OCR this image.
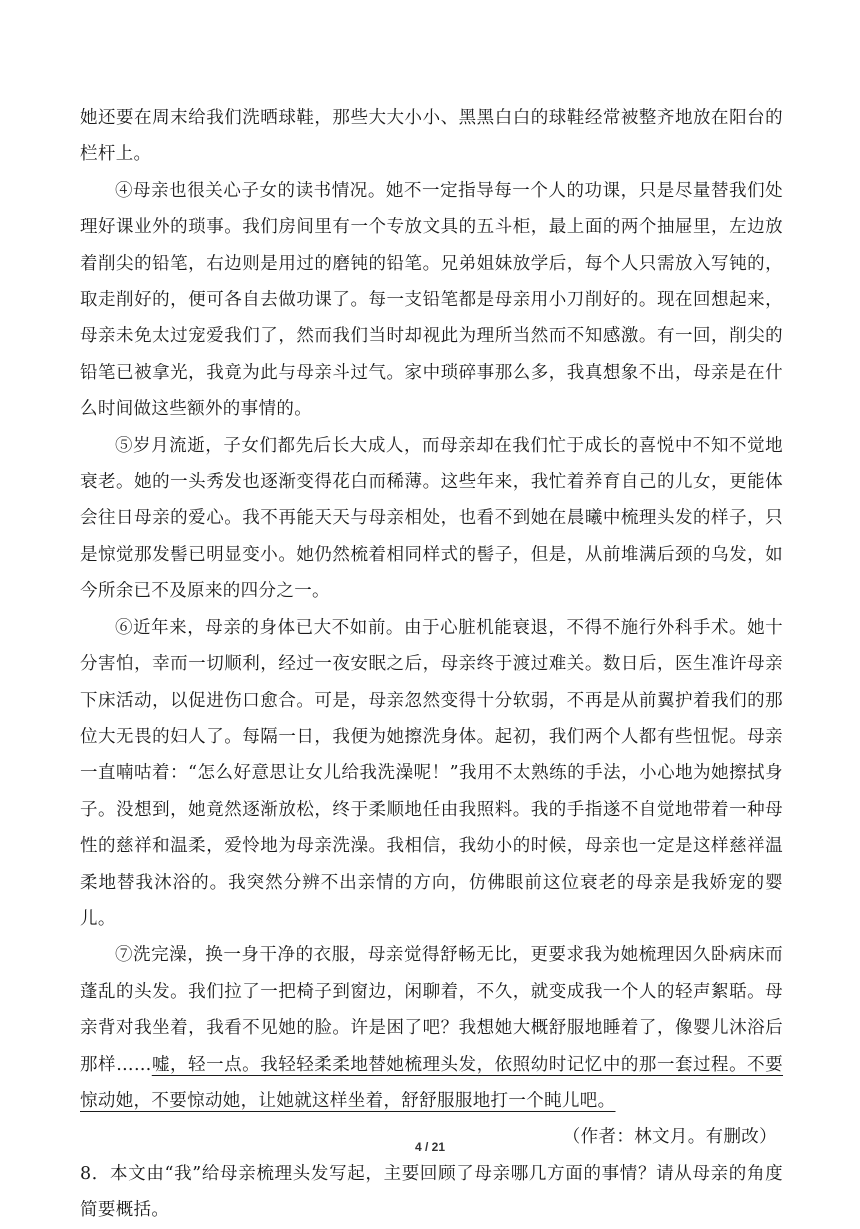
她还要在周末给我们洗晒球鞋，那些大大小小、黑黑白白的球鞋经常被整齐地放在阳台的栏杆上。

④母亲也很关心子女的读书情况。她不一定指导每一个人的功课，只是尽量替我们处理好课业外的琐事。我们房间里有一个专放文具的五斗柜，最上面的两个抽屉里，左边放着削尖的铅笔，右边则是用过的磨钝的铅笔。兄弟姐妹放学后，每个人只需放入写钝的，取走削好的，便可各自去做功课了。每一支铅笔都是母亲用小刀削好的。现在回想起来，母亲未免太过宠爱我们了，然而我们当时却视此为理所当然而不知感激。有一回，削尖的铅笔已被拿光，我竟为此与母亲斗过气。家中琐碎事那么多，我真想象不出，母亲是在什么时间做这些额外的事情的。

⑤岁月流逝，子女们都先后长大成人，而母亲却在我们忙于成长的喜悦中不知不觉地衰老。她的一头秀发也逐渐变得花白而稀薄。这些年来，我忙着养育自己的儿女，更能体会往日母亲的爱心。我不再能天天与母亲相处，也看不到她在晨曦中梳理头发的样子，只是惊觉那发髻已明显变小。她仍然梳着相同样式的髻子，但是，从前堆满后颈的乌发，如今所余已不及原来的四分之一。

⑥近年来，母亲的身体已大不如前。由于心脏机能衰退，不得不施行外科手术。她十分害怕，幸而一切顺利，经过一夜安眠之后，母亲终于渡过难关。数日后，医生准许母亲下床活动，以促进伤口愈合。可是，母亲忽然变得十分软弱，不再是从前翼护着我们的那位大无畏的妇人了。每隔一日，我便为她擦洗身体。起初，我们两个人都有些忸怩。母亲一直喃咕着：“怎么好意思让女儿给我洗澡呢！”我用不太熟练的手法，小心地为她擦拭身子。没想到，她竟然逐渐放松，终于柔顺地任由我照料。我的手指遂不自觉地带着一种母性的慈祥和温柔，爱怜地为母亲洗澡。我相信，我幼小的时候，母亲也一定是这样慈祥温柔地替我沐浴的。我突然分辨不出亲情的方向，仿佛眼前这位衰老的母亲是我娇宠的婴儿。

⑦洗完澡，换一身干净的衣服，母亲觉得舒畅无比，更要求我为她梳理因久卧病床而蓬乱的头发。我们拉了一把椅子到窗边，闲聊着，不久，就变成我一个人的轻声絮聒。母亲背对我坐着，我看不见她的脸。许是困了吧？我想她大概舒服地睡着了，像婴儿沐浴后那样……嘘，轻一点。我轻轻柔柔地替她梳理头发，依照幼时记忆中的那一套过程。不要惊动她，不要惊动她，让她就这样坐着，舒舒服服地打一个盹儿吧。

（作者：林文月。有删改）

8．本文由“我”给母亲梳理头发写起，主要回顾了母亲哪几方面的事情？请从母亲的角度简要概括。

4 / 21
